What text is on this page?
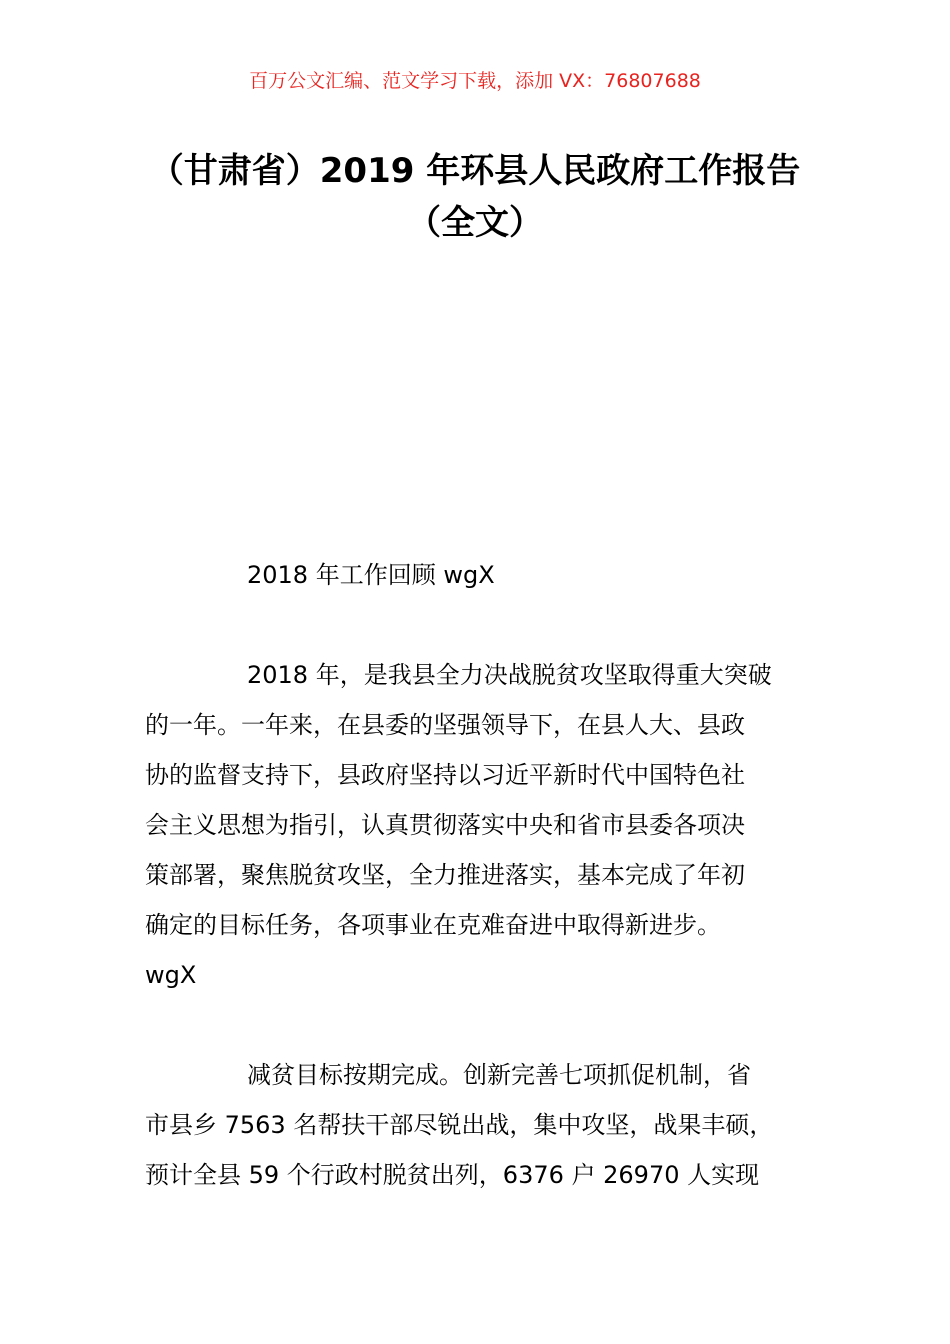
百万公文汇编、范文学习下载，添加 VX：76807688
（甘肃省）2019 年环县人民政府工作报告
（全文）

2018 年工作回顾 wgX

2018 年，是我县全力决战脱贫攻坚取得重大突破
的一年。一年来，在县委的坚强领导下，在县人大、县政
协的监督支持下，县政府坚持以习近平新时代中国特色社
会主义思想为指引，认真贯彻落实中央和省市县委各项决
策部署，聚焦脱贫攻坚，全力推进落实，基本完成了年初
确定的目标任务，各项事业在克难奋进中取得新进步。
wgX

减贫目标按期完成。创新完善七项抓促机制，省
市县乡 7563 名帮扶干部尽锐出战，集中攻坚，战果丰硕，
预计全县 59 个行政村脱贫出列，6376 户 26970 人实现
